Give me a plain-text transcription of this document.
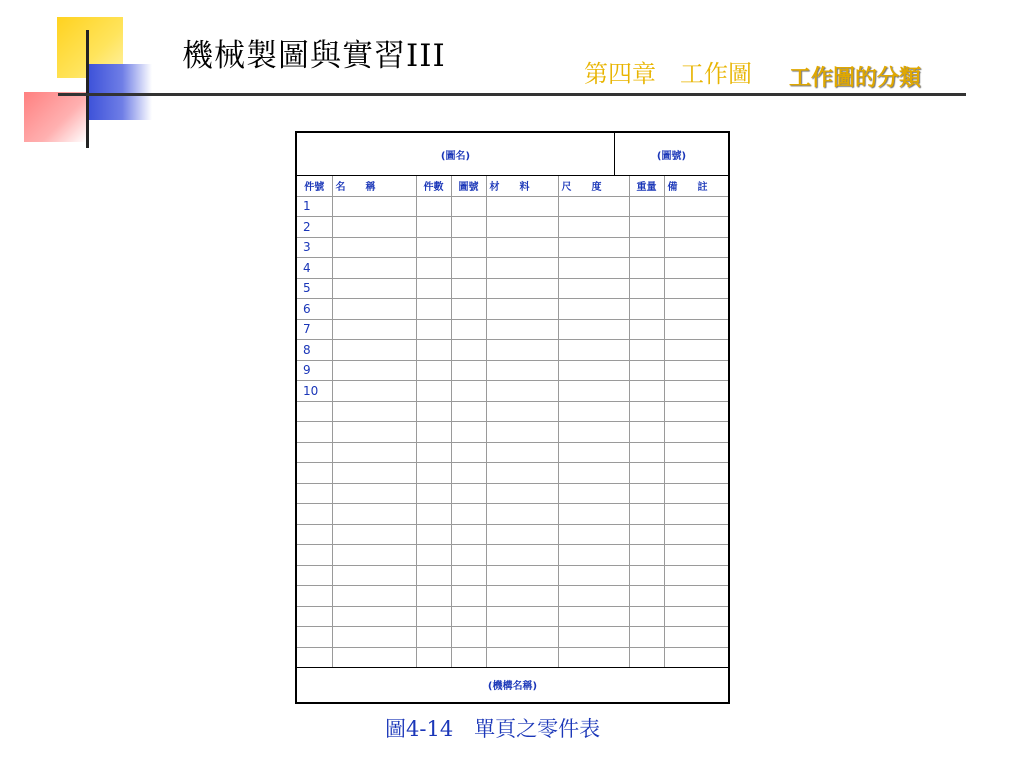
機械製圖與實習III	第四章　工作圖 工作圖的分類
(圖名)	(圖號)
件號	名　　稱	件數	圖號	材　　料	尺　　度	重量	備　　註
1							
2							
3							
4							
5							
6							
7							
8							
9							
10							

(機構名稱)
圖4-14　單頁之零件表
